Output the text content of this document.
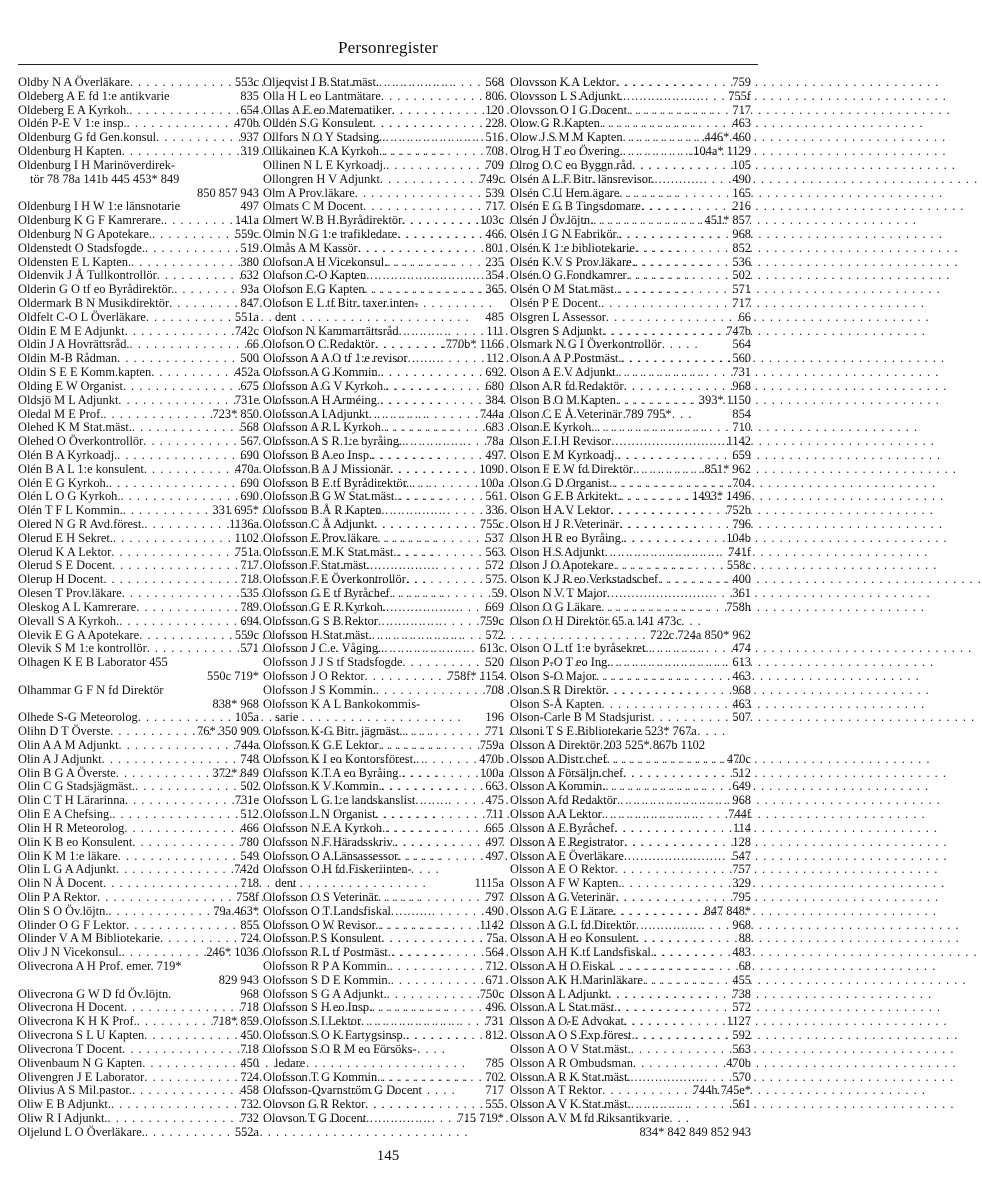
Personregister
Oldby N A Överläkare . . .	553c
Oldeberg A E fd 1:e antikvarie	835
Oldeberg E A Kyrkoh. . . .	654
Oldén P-E V 1:e insp. . . .	470b
Oldenburg G fd Gen.konsul . . .	937
Oldenburg H Kapten . . .	319
Oldenburg I H Marinöverdirek-
tör 78 78a 141b 445 453* 849
850 857 943
Oldenburg I H W 1:e länsnotarie	497
Oldenburg K G F Kamrerare. . . .	141a
Oldenburg N G Apotekare. . . .	559c
Oldenstedt O Stadsfogde. . . .	519
Oldensten E L Kapten. . . .	380
Oldenvik J Å Tullkontrollör . . .	632
Olderin G O tf eo Byrådirektör. . . .	93a
Oldermark B N Musikdirektör . . .	847
Oldfelt C-O L Överläkare . . .	551a
Oldin E M E Adjunkt . . .	742c
Oldin J A Hovrättsråd. . . .	66
Oldin M-B Rådman . . .	500
Oldin S E E Komm.kapten . . .	452a
Olding E W Organist . . .	675
Oldsjö M L Adjunkt . . .	731e
Oledal M E Prof. . . .	723* 850
Olehed K M Stat.mäst. . . .	568
Olehed O Överkontrollör . . .	567
Olén B A Kyrkoadj. . . .	690
Olén B A L 1:e konsulent . . .	470a
Olén E G Kyrkoh. . . .	690
Olén L O G Kyrkoh. . . .	690
Olén T F L Kommin. . . .	331 695*
Olered N G R Avd.förest. . . .	1136a
Olerud E H Sekret. . . .	1102
Olerud K A Lektor . . .	751a
Olerud S E Docent . . .	717
Olerup H Docent . . .	718
Olesen T Prov.läkare . . .	535
Oleskog A L Kamrerare . . .	789
Olevall S A Kyrkoh. . . .	694
Olevik E G A Apotekare . . .	559c
Olevik S M 1:e kontrollör . . .	571
Olhagen K E B Laborator 455
550c 719*
Olhammar G F N fd Direktör
838* 968
Olhede S-G Meteorolog . . .	105a
Olihn D T Överste . . .	76* 350 909
Olin A A M Adjunkt . . .	744a
Olin A J Adjunkt . . .	748
Olin B G A Överste . . .	372* 849
Olin C G Stadsjägmäst. . . .	502
Olin C T H Lärarinna . . .	731e
Olin E A Chefsing. . . .	512
Olin H R Meteorolog . . .	466
Olin K B eo Konsulent . . .	780
Olin K M 1:e läkare . . .	549
Olin L G A Adjunkt . . .	742d
Olin N Å Docent . . .	718
Olin P A Rektor . . .	758f
Olin S O Öv.löjtn. . . .	79a 463*
Olinder O G F Lektor . . .	855
Olinder V A M Bibliotekarie . . .	724
Oliv J N Vicekonsul. . . .	246* 1036
Olivecrona A H Prof. emer. 719*
829 943
Olivecrona G W D fd Öv.löjtn.	968
Olivecrona H Docent . . .	718
Olivecrona K H K Prof. . . .	718* 859
Olivecrona S L U Kapten . . .	450
Olivecrona T Docent . . .	718
Olivenbaum N G Kapten . . .	450
Olivengren J E Laborator . . .	724
Olivius A S Mil.pastor. . . .	458
Oliw E B Adjunkt. . . .	732
Oliw R I Adjunkt. . . .	732
Oljelund L O Överläkare. . . .	552a
Oljeqvist I B Stat.mäst. . . .	568
Olla H L eo Lantmätare . . .	806
Ollas A E eo Matematiker . . .	120
Olldén S G Konsulent . . .	228
Ollfors N O Y Stadsing. . . .	516
Ollikainen K A Kyrkoh. . . .	708
Ollinen N L E Kyrkoadj. . . .	709
Ollongren H V Adjunkt . . .	749c
Olm A Prov.läkare . . .	539
Olmats C M Docent . . .	717
Olmert W B H Byrådirektör . . .	103c
Olmin N G 1:e trafikledare . . .	466
Olmås A M Kassör . . .	801
Olofson A H Vicekonsul. . . .	235
Olofson C-O Kapten . . .	354
Olofson E G Kapten . . .	365
Olofson E L tf Bitr. taxer.inten-
dent	485
Olofson N Kammarrättsråd . . .	111
Olofson O C Redaktör . . .	.770b* 1166
Olofsson A A O tf 1:e revisor . . .	112
Olofsson A G Kommin. . . .	692
Olofsson A G V Kyrkoh. . . .	680
Olofsson A H Arméing. . . .	384
Olofsson A I Adjunkt . . .	744a
Olofsson A R L Kyrkoh. . . .	683
Olofsson A S R 1:e byråing. . . .	78a
Olofsson B A eo Insp. . . .	497
Olofsson B A J Missionär . . .	1090
Olofsson B E tf Byrådirektör. . . .	100a
Olofsson B G W Stat.mäst. . . .	561
Olofsson B Å R Kapten . . .	336
Olofsson C Å Adjunkt . . .	755c
Olofsson E Prov.läkare . . .	537
Olofsson E M K Stat.mäst. . . .	563
Olofsson F Stat.mäst. . . .	572
Olofsson F E Överkontrollör . . .	575
Olofsson G E tf Byråchef . . .	59
Olofsson G E R Kyrkoh. . . .	669
Olofsson G S B Rektor . . .	759c
Olofsson H Stat.mäst. . . .	572
Olofsson J C e. Våging. . . .	613c
Olofsson J J S tf Stadsfogde . . .	520
Olofsson J O Rektor . . .	758f* 1154
Olofsson J S Kommin. . . .	708
Olofsson K A L Bankokommis-
sarie	196
Olofsson K-G Bitr. jägmäst. . . .	771
Olofsson K G E Lektor . . .	759a
Olofsson K I eo Kontorsförest. . . .	470b
Olofsson K T A eo Byråing. . . .	100a
Olofsson K V Kommin. . . .	663
Olofsson L G 1:e landskanslist . . .	475
Olofsson L N Organist . . .	711
Olofsson N E A Kyrkoh. . . .	665
Olofsson N F Häradsskriv. . . .	497
Olofsson O A Länsassessor . . .	497
Olofsson O H fd Fiskeriinten-
dent	1115a
Olofsson O S Veterinär . . .	797
Olofsson O T Landsfiskal . . .	490
Olofsson O W Revisor. . . .	1142
Olofsson P S Konsulent . . .	75a
Olofsson R L tf Postmäst. . . .	564
Olofsson R P A Kommin. . . .	712
Olofsson S D E Kommin. . . .	671
Olofsson S G A Adjunkt. . . .	750c
Olofsson S H eo Insp. . . .	496
Olofsson S I Lektor . . .	731
Olofsson S O K Fartygsinsp. . . .	812
Olofsson S O R M eo Försöks-
ledare	785
Olofsson T G Kommin. . . .	702
Olofsson-Qvarnström G Docent	717
Olovson G R Rektor . . .	555
Olovson T G Docent . . .	715 719*
Olovsson K A Lektor . . .	759
Olovsson L S Adjunkt. . . .	755f
Olovsson O I G Docent . . .	717
Olow G R Kapten . . .	463
Olow J S M M Kapten . . .	.446* 460
Olrog H T eo Övering. . . .	.104a* 1129
Olrog O C eo Byggn.råd . . .	105
Olsén A L F Bitr. länsrevisor. . . .	490
Olsén C U Hem.ägare . . .	165
Olsén E G B Tingsdomare . . .	216
Olsén J Öv.löjtn. . . .	451* 857
Olsén J G N Fabrikör. . . .	968
Olsén K 1:e bibliotekarie . . .	852
Olsén K V S Prov.läkare. . . .	536
Olsén O G Fondkamrer . . .	502
Olsén O M Stat.mäst. . . .	571
Olsén P E Docent. . . .	717
Olsgren L Assessor . . .	66
Olsgren S Adjunkt . . .	747b
Olsmark N G I Överkontrollör	564
Olson A A P Postmäst. . . .	560
Olson A E V Adjunkt . . .	731
Olson A R fd Redaktör . . .	968
Olson B O M Kapten . . .	393* 1150
Olson C E Å Veterinär 789 795*	854
Olson E Kyrkoh. . . .	710
Olson E I H Revisor . . .	1142
Olson E M Kyrkoadj. . . .	659
Olson F E W fd Direktör . . .	.851* 962
Olson G D Organist. . . .	704
Olson G E B Arkitekt. . . .	1493* 1496
Olson H A V Lektor . . .	752b
Olson H J R Veterinär . . .	796
Olson H R eo Byråing. . . .	104b
Olson H S Adjunkt . . .	741f
Olson J O Apotekare . . .	558c
Olson K J R eo Verkstadschef . . .	400
Olson N V T Major . . .	361
Olson O G Läkare . . .	758h
Olson O H Direktör 65 a 141 473c
722c 724a 850* 962
Olson O L tf 1:e byråsekret. . . .	474
Olson P-O T eo Ing. . . .	613
Olson S-O Major . . .	463
Olson S R Direktör . . .	968
Olson S-Å Kapten . . .	463
Olson-Carle B M Stadsjurist . . .	507
Olsoni T S E Bibliotekarie 523* 767a
Olsson A Direktör 203 525* 867b 1102
Olsson A Distr.chef . . .	470c
Olsson A Försäljn.chef . . .	512
Olsson A Kommin. . . .	649
Olsson A fd Redaktör . . .	968
Olsson A A Lektor . . .	744f
Olsson A E Byråchef . . .	114
Olsson A E Registrator . . .	128
Olsson A E Överläkare . . .	547
Olsson A E O Rektor . . .	757
Olsson A F W Kapten. . . .	329
Olsson A G Veterinär . . .	795
Olsson A G E Lärare . . .	847 848*
Olsson A G L fd Direktör . . .	968
Olsson A H eo Konsulent . . .	88
Olsson A H K tf Landsfiskal. . . .	483
Olsson A H O Fiskal . . .	68
Olsson A K H Marinläkare . . .	455
Olsson A L Adjunkt . . .	738
Olsson A L Stat.mäst. . . .	572
Olsson A O-E Advokat . . .	1127
Olsson A O S Exp.förest. . . .	592
Olsson A O V Stat.mäst. . . .	563
Olsson A R Ombudsman . . .	470b
Olsson A R K Stat.mäst. . . .	570
Olsson A T Rektor . . .	744h 745e*
Olsson A V K Stat.mäst. . . .	561
Olsson A V M fd Riksantikvarie
834* 842 849 852 943
145
